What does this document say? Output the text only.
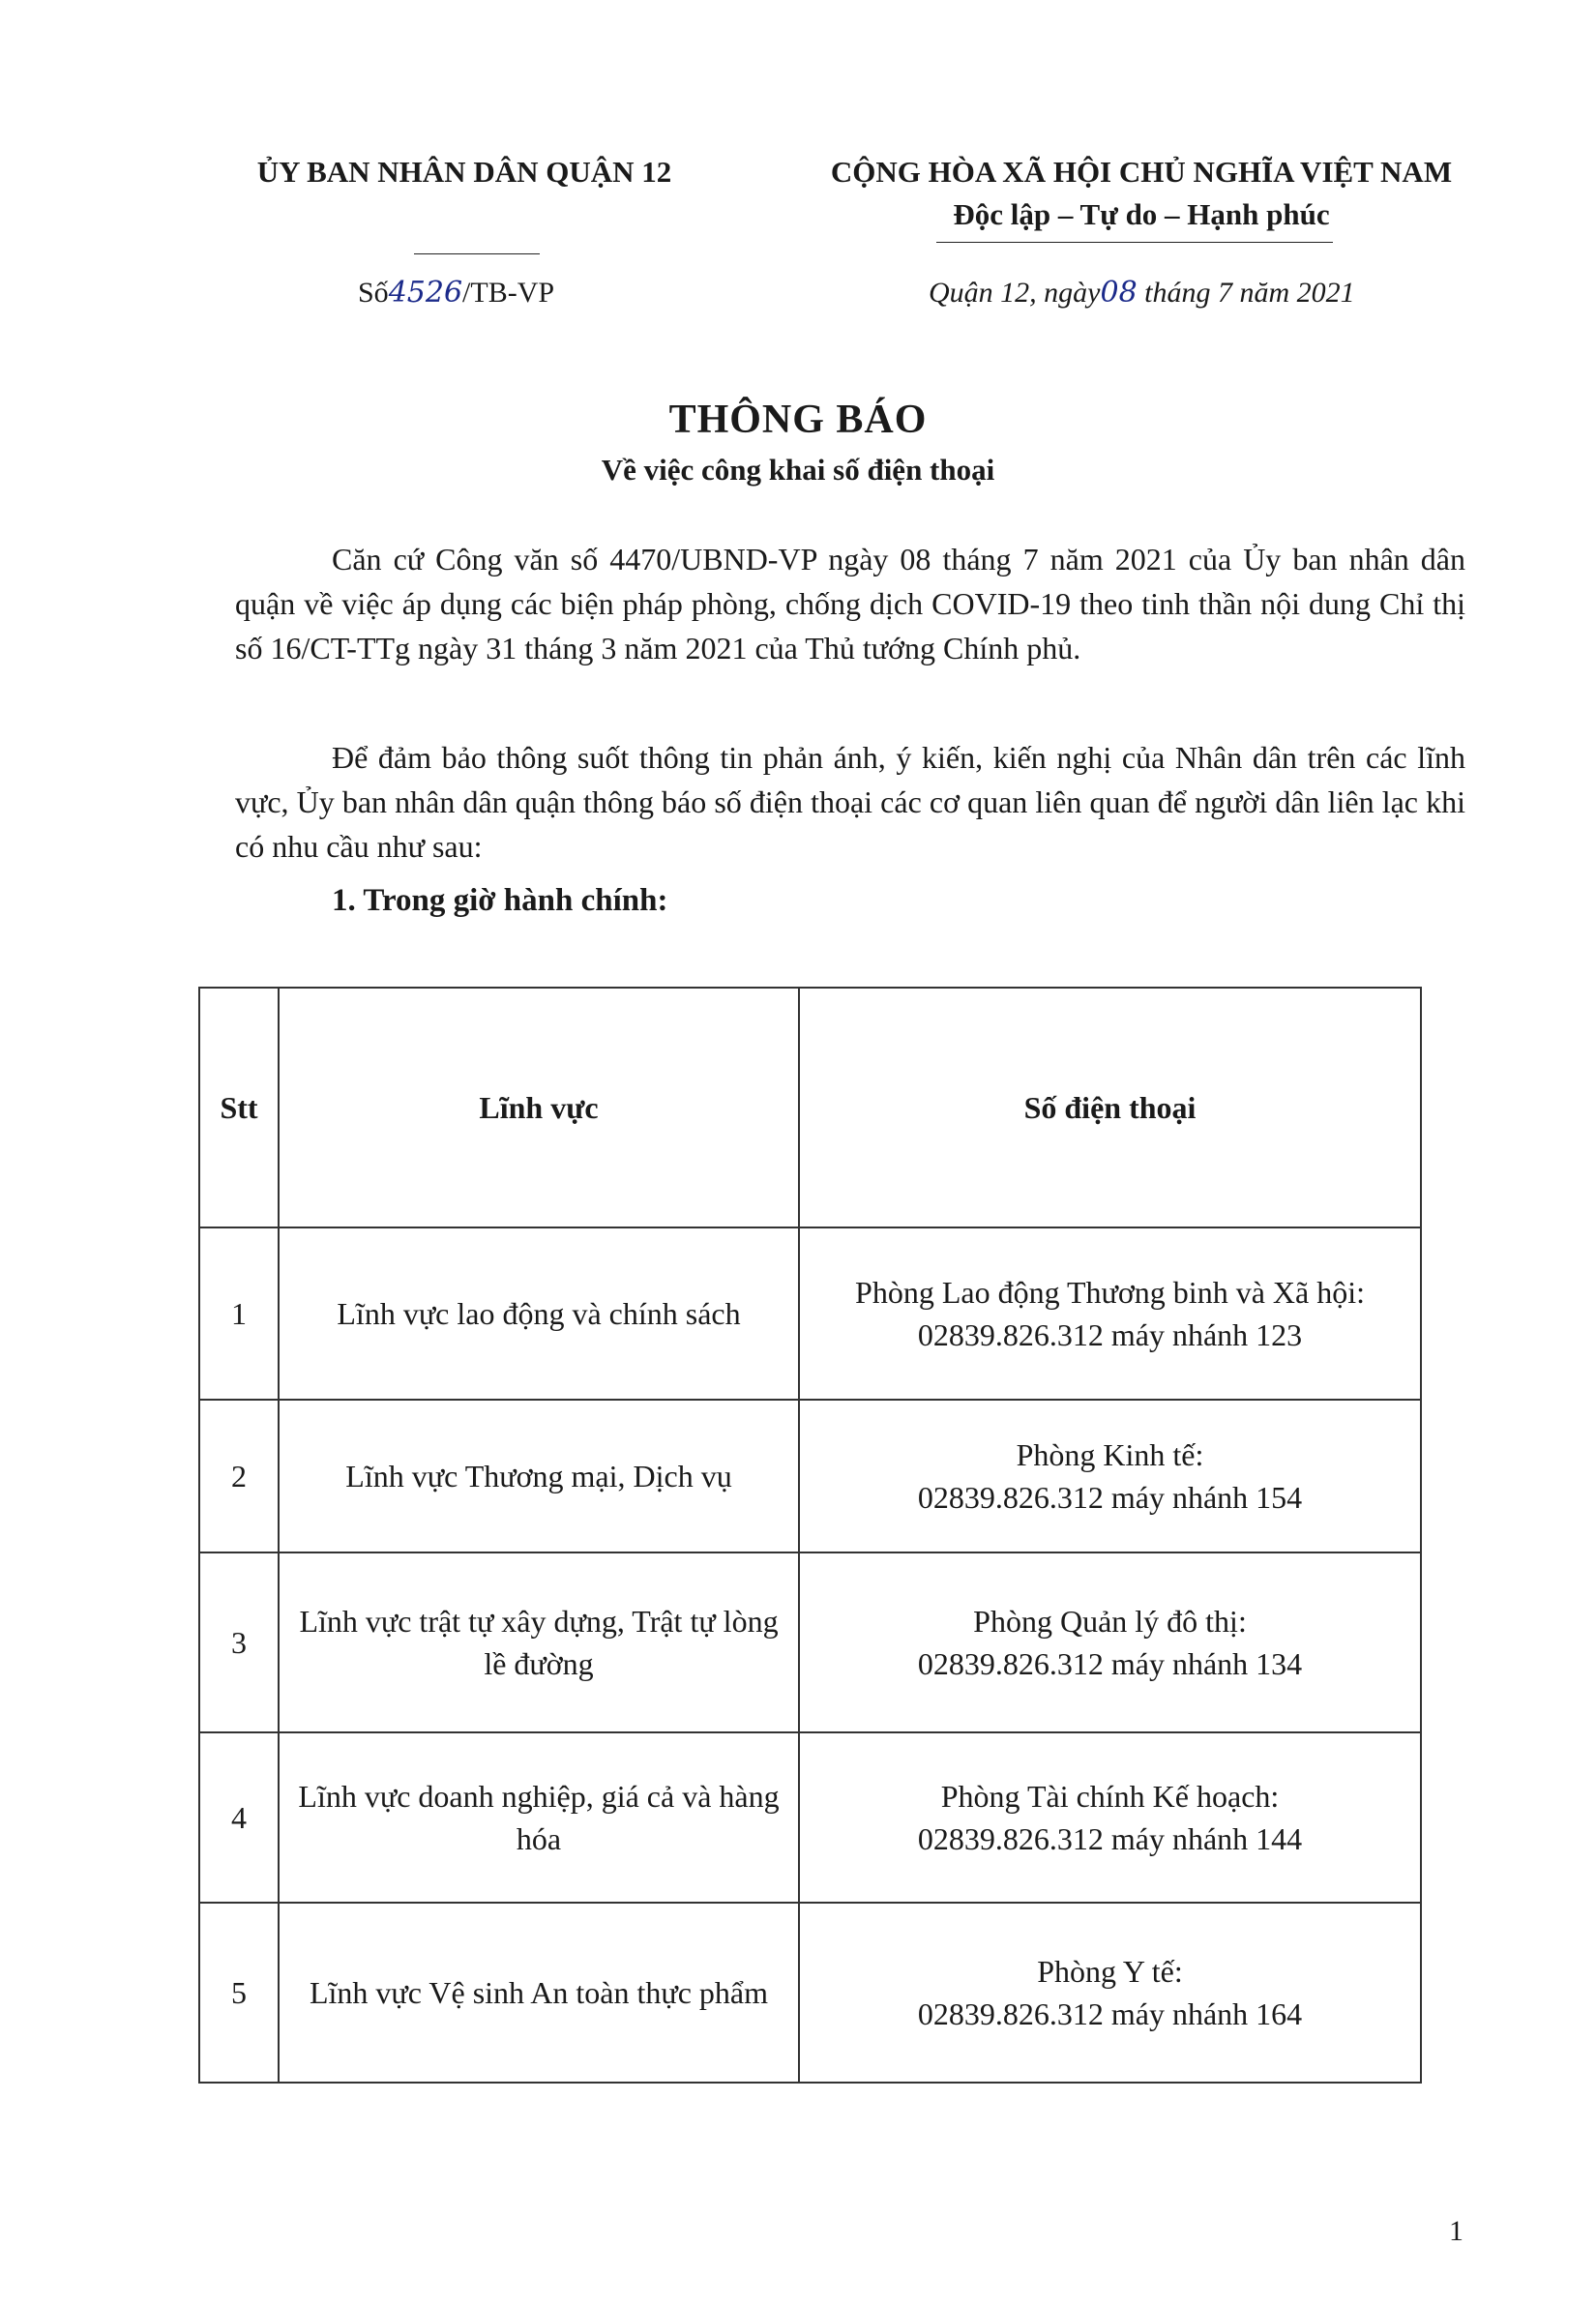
ỦY BAN NHÂN DÂN QUẬN 12	CỘNG HÒA XÃ HỘI CHỦ NGHĨA VIỆT NAM
Độc lập – Tự do – Hạnh phúc
Số4526/TB-VP	Quận 12, ngày08 tháng 7 năm 2021
THÔNG BÁO
Về việc công khai số điện thoại
Căn cứ Công văn số 4470/UBND-VP ngày 08 tháng 7 năm 2021 của Ủy ban nhân dân quận về việc áp dụng các biện pháp phòng, chống dịch COVID-19 theo tinh thần nội dung Chỉ thị số 16/CT-TTg ngày 31 tháng 3 năm 2021 của Thủ tướng Chính phủ.
Để đảm bảo thông suốt thông tin phản ánh, ý kiến, kiến nghị của Nhân dân trên các lĩnh vực, Ủy ban nhân dân quận thông báo số điện thoại các cơ quan liên quan để người dân liên lạc khi có nhu cầu như sau:
1. Trong giờ hành chính:
Stt	Lĩnh vực	Số điện thoại
1	Lĩnh vực lao động và chính sách	Phòng Lao động Thương binh và Xã hội:
02839.826.312 máy nhánh 123

2	Lĩnh vực Thương mại, Dịch vụ	Phòng Kinh tế:
02839.826.312 máy nhánh 154

3	Lĩnh vực trật tự xây dựng, Trật tự lòng lề đường	Phòng Quản lý đô thị:
02839.826.312 máy nhánh 134

4	Lĩnh vực doanh nghiệp, giá cả và hàng hóa	Phòng Tài chính Kế hoạch:
02839.826.312 máy nhánh 144

5	Lĩnh vực Vệ sinh An toàn thực phẩm	Phòng Y tế:
02839.826.312 máy nhánh 164
1
